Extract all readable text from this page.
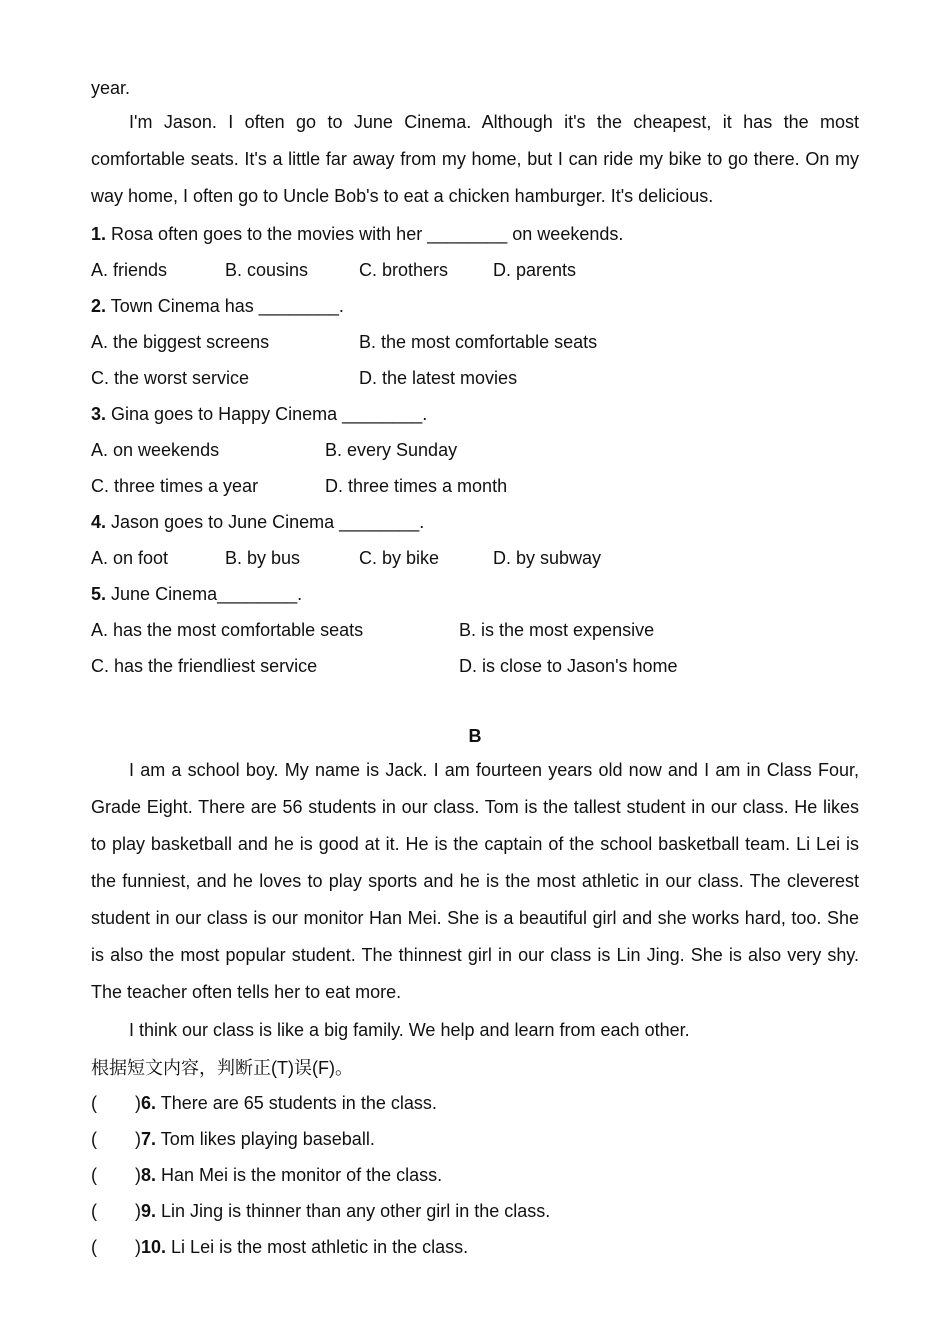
year.
I'm Jason. I often go to June Cinema. Although it's the cheapest, it has the most comfortable seats. It's a little far away from my home, but I can ride my bike to go there. On my way home, I often go to Uncle Bob's to eat a chicken hamburger. It's delicious.
1. Rosa often goes to the movies with her ________ on weekends.
A. friends	B. cousins	C. brothers D. parents
2. Town Cinema has ________.
A. the biggest screens	B. the most comfortable seats
C. the worst service	D. the latest movies
3. Gina goes to Happy Cinema ________.
A. on weekends	B. every Sunday
C. three times a year	D. three times a month
4. Jason goes to June Cinema ________.
A. on foot	B. by bus	C. by bike	D. by subway
5. June Cinema________.
A. has the most comfortable seats	B. is the most expensive
C. has the friendliest service	D. is close to Jason's home
B
I am a school boy. My name is Jack. I am fourteen years old now and I am in Class Four, Grade Eight. There are 56 students in our class. Tom is the tallest student in our class. He likes to play basketball and he is good at it. He is the captain of the school basketball team. Li Lei is the funniest, and he loves to play sports and he is the most athletic in our class. The cleverest student in our class is our monitor Han Mei. She is a beautiful girl and she works hard, too. She is also the most popular student. The thinnest girl in our class is Lin Jing. She is also very shy. The teacher often tells her to eat more.
I think our class is like a big family. We help and learn from each other.
根据短文内容，判断正(T)误(F)。
( )6. There are 65 students in the class.
( )7. Tom likes playing baseball.
( )8. Han Mei is the monitor of the class.
( )9. Lin Jing is thinner than any other girl in the class.
( )10. Li Lei is the most athletic in the class.
